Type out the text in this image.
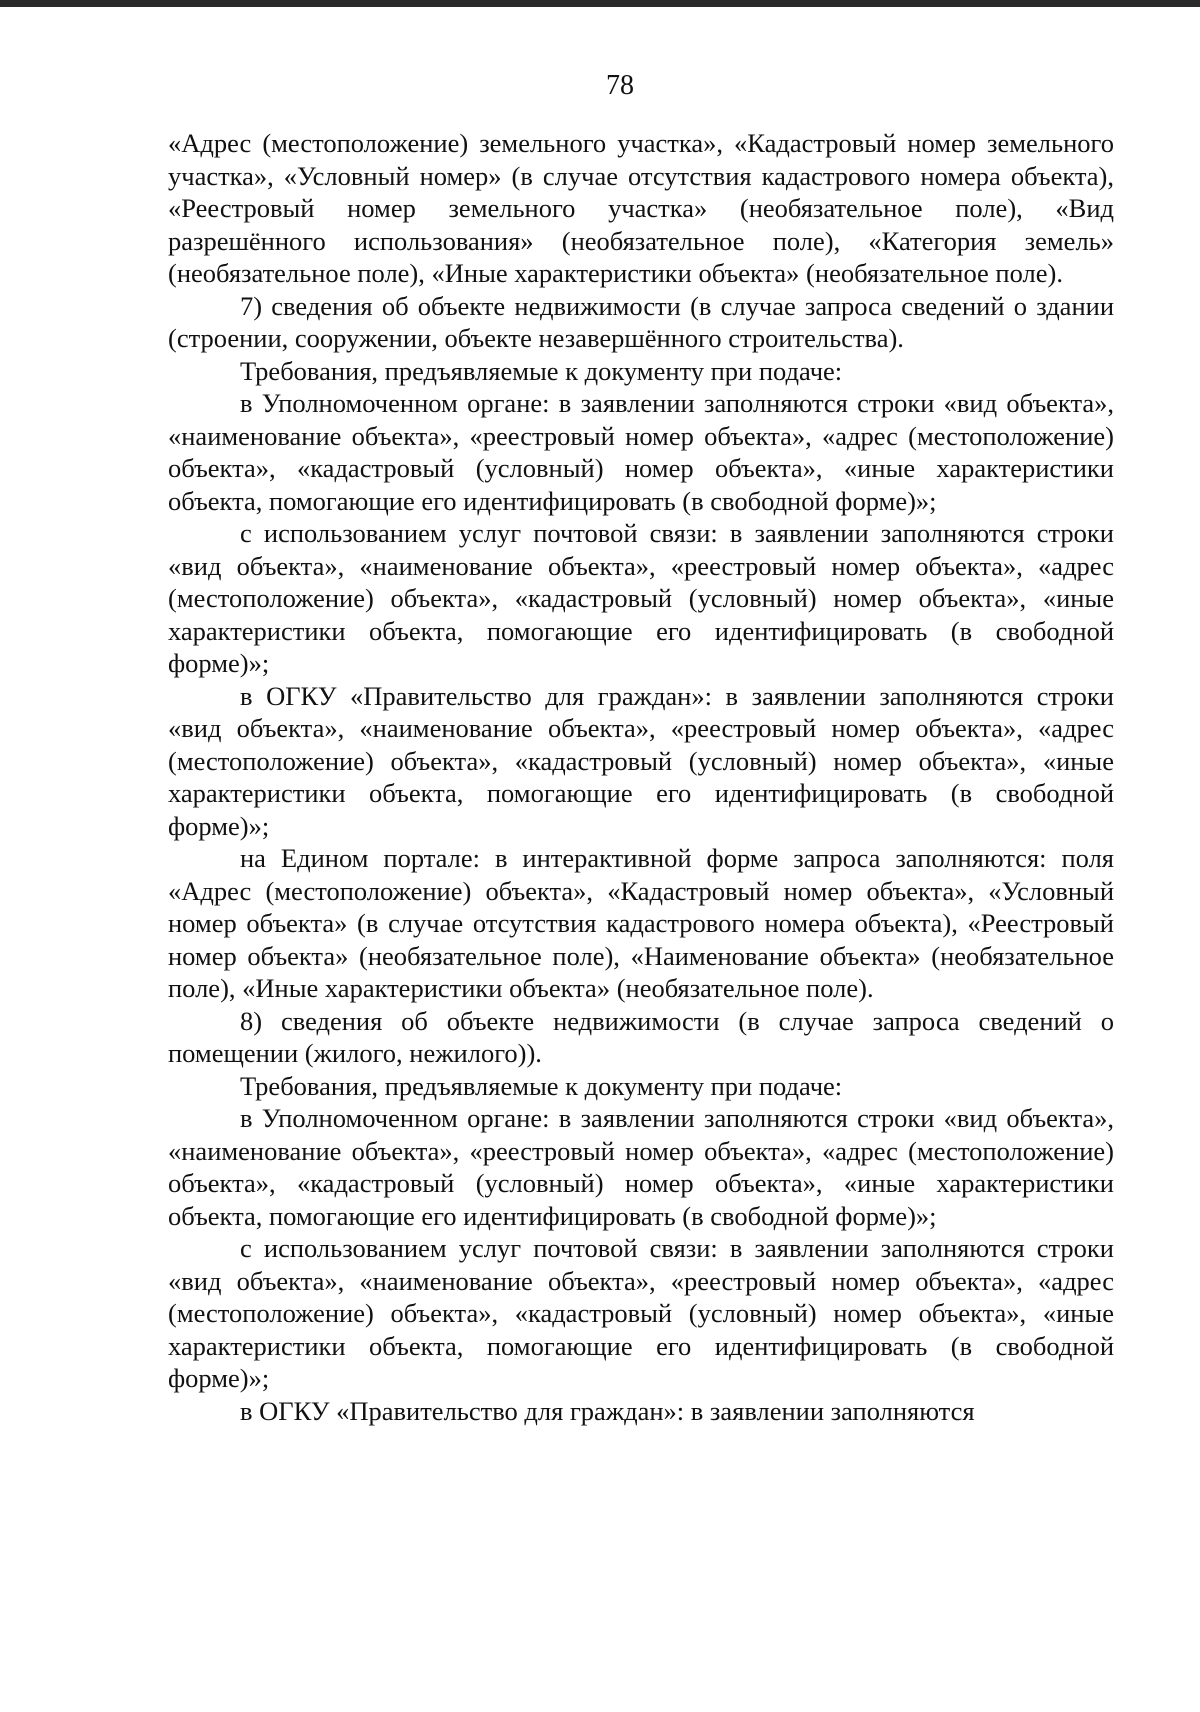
78

«Адрес (местоположение) земельного участка», «Кадастровый номер земельного участка», «Условный номер» (в случае отсутствия кадастрового номера объекта), «Реестровый номер земельного участка» (необязательное поле), «Вид разрешённого использования» (необязательное поле), «Категория земель» (необязательное поле), «Иные характеристики объекта» (необязательное поле).

7) сведения об объекте недвижимости (в случае запроса сведений о здании (строении, сооружении, объекте незавершённого строительства).

Требования, предъявляемые к документу при подаче:

в Уполномоченном органе: в заявлении заполняются строки «вид объекта», «наименование объекта», «реестровый номер объекта», «адрес (местоположение) объекта», «кадастровый (условный) номер объекта», «иные характеристики объекта, помогающие его идентифицировать (в свободной форме)»;

с использованием услуг почтовой связи: в заявлении заполняются строки «вид объекта», «наименование объекта», «реестровый номер объекта», «адрес (местоположение) объекта», «кадастровый (условный) номер объекта», «иные характеристики объекта, помогающие его идентифицировать (в свободной форме)»;

в ОГКУ «Правительство для граждан»: в заявлении заполняются строки «вид объекта», «наименование объекта», «реестровый номер объекта», «адрес (местоположение) объекта», «кадастровый (условный) номер объекта», «иные характеристики объекта, помогающие его идентифицировать (в свободной форме)»;

на Едином портале: в интерактивной форме запроса заполняются: поля «Адрес (местоположение) объекта», «Кадастровый номер объекта», «Условный номер объекта» (в случае отсутствия кадастрового номера объекта), «Реестровый номер объекта» (необязательное поле), «Наименование объекта» (необязательное поле), «Иные характеристики объекта» (необязательное поле).

8) сведения об объекте недвижимости (в случае запроса сведений о помещении (жилого, нежилого)).

Требования, предъявляемые к документу при подаче:

в Уполномоченном органе: в заявлении заполняются строки «вид объекта», «наименование объекта», «реестровый номер объекта», «адрес (местоположение) объекта», «кадастровый (условный) номер объекта», «иные характеристики объекта, помогающие его идентифицировать (в свободной форме)»;

с использованием услуг почтовой связи: в заявлении заполняются строки «вид объекта», «наименование объекта», «реестровый номер объекта», «адрес (местоположение) объекта», «кадастровый (условный) номер объекта», «иные характеристики объекта, помогающие его идентифицировать (в свободной форме)»;

в ОГКУ «Правительство для граждан»: в заявлении заполняются
